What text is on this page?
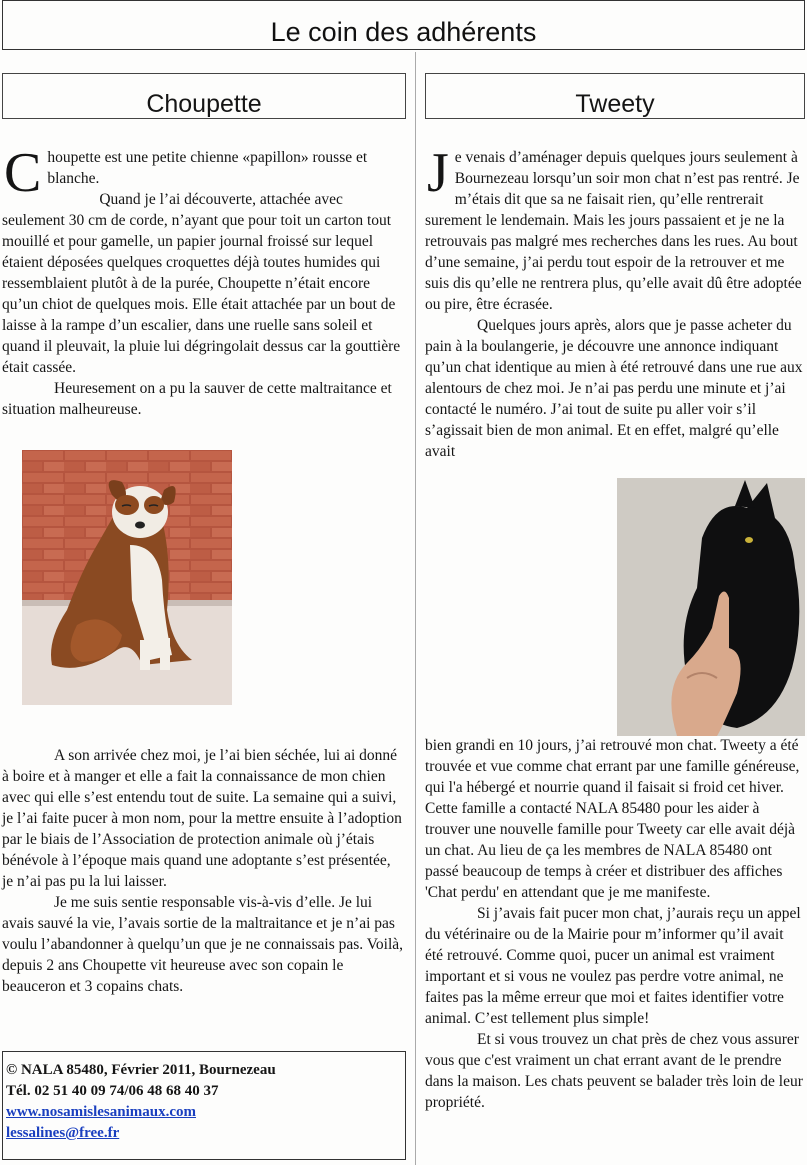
Le coin des adhérents
Choupette

Choupette est une petite chienne «papillon» rousse et blanche.

Quand je l’ai découverte, attachée avec seulement 30 cm de corde, n’ayant que pour toit un carton tout mouillé et pour gamelle, un papier journal froissé sur lequel étaient déposées quelques croquettes déjà toutes humides qui ressemblaient plutôt à de la purée, Choupette n’était encore qu’un chiot de quelques mois. Elle était attachée par un bout de laisse à la rampe d’un escalier, dans une ruelle sans soleil et quand il pleuvait, la pluie lui dégringolait dessus car la gouttière était cassée.

Heuresement on a pu la sauver de cette maltraitance et situation malheureuse.

A son arrivée chez moi, je l’ai bien séchée, lui ai donné à boire et à manger et elle a fait la connaissance de mon chien avec qui elle s’est entendu tout de suite. La semaine qui a suivi, je l’ai faite pucer à mon nom, pour la mettre ensuite à l’adoption par le biais de l’Association de protection animale où j’étais bénévole à l’époque mais quand une adoptante s’est présentée, je n’ai pas pu la lui laisser.

Je me suis sentie responsable vis-à-vis d’elle. Je lui avais sauvé la vie, l’avais sortie de la maltraitance et je n’ai pas voulu l’abandonner à quelqu’un que je ne connaissais pas. Voilà, depuis 2 ans Choupette vit heureuse avec son copain le beauceron et 3 copains chats.

© NALA 85480, Février 2011, Bournezeau
Tél. 02 51 40 09 74/06 48 68 40 37
www.nosamislesanimaux.com
lessalines@free.fr
Tweety

Je venais d’aménager depuis quelques jours seulement à Bournezeau lorsqu’un soir mon chat n’est pas rentré. Je m’étais dit que sa ne faisait rien, qu’elle rentrerait surement le lendemain. Mais les jours passaient et je ne la retrouvais pas malgré mes recherches dans les rues. Au bout d’une semaine, j’ai perdu tout espoir de la retrouver et me suis dis qu’elle ne rentrera plus, qu’elle avait dû être adoptée ou pire, être écrasée.

Quelques jours après, alors que je passe acheter du pain à la boulangerie, je découvre une annonce indiquant qu’un chat identique au mien à été retrouvé dans une rue aux alentours de chez moi. Je n’ai pas perdu une minute et j’ai contacté le numéro. J’ai tout de suite pu aller voir s’il s’agissait bien de mon animal. Et en effet, malgré qu’elle avait

bien grandi en 10 jours, j’ai retrouvé mon chat. Tweety a été trouvée et vue comme chat errant par une famille généreuse, qui l'a hébergé et nourrie quand il faisait si froid cet hiver. Cette famille a contacté NALA 85480 pour les aider à trouver une nouvelle famille pour Tweety car elle avait déjà un chat. Au lieu de ça les membres de NALA 85480 ont passé beaucoup de temps à créer et distribuer des affiches 'Chat perdu' en attendant que je me manifeste.

Si j’avais fait pucer mon chat, j’aurais reçu un appel du vétérinaire ou de la Mairie pour m’informer qu’il avait été retrouvé. Comme quoi, pucer un animal est vraiment important et si vous ne voulez pas perdre votre animal, ne faites pas la même erreur que moi et faites identifier votre animal. C’est tellement plus simple!

Et si vous trouvez un chat près de chez vous assurer vous que c'est vraiment un chat errant avant de le prendre dans la maison. Les chats peuvent se balader très loin de leur propriété.
